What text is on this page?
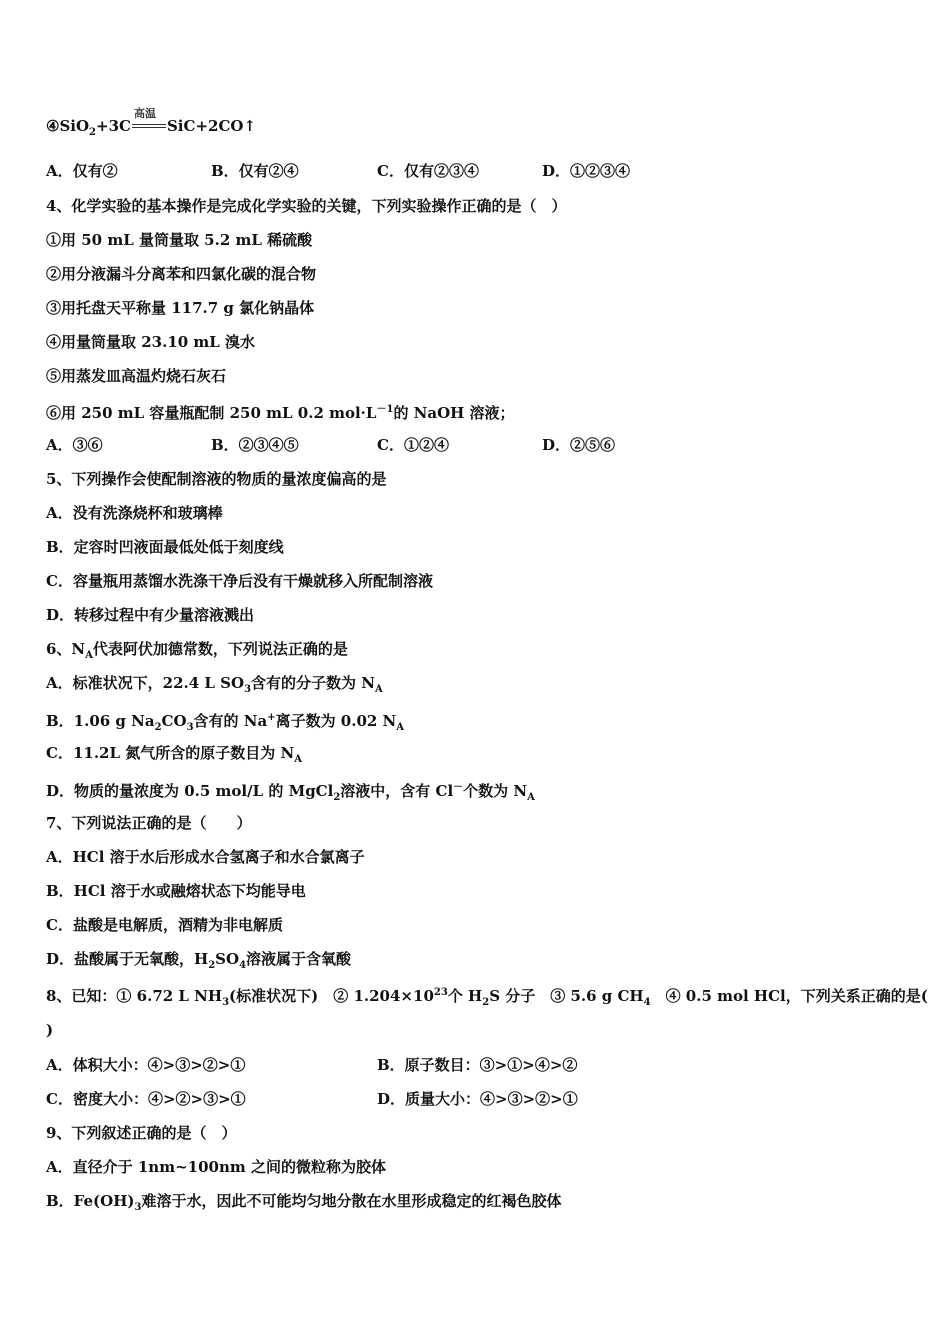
④SiO$_2$+3C
高温
SiC+2CO↑
A．仅有②	B．仅有②④	C．仅有②③④	D．①②③④
4、化学实验的基本操作是完成化学实验的关键，下列实验操作正确的是（　）
①用 50 mL 量筒量取 5.2 mL 稀硫酸
②用分液漏斗分离苯和四氯化碳的混合物
③用托盘天平称量 117.7 g 氯化钠晶体
④用量筒量取 23.10 mL 溴水
⑤用蒸发皿高温灼烧石灰石
⑥用 250 mL 容量瓶配制 250 mL 0.2 $mol\cdot L^{-1}$的 NaOH 溶液；
A．③⑥	B．②③④⑤	C．①②④	D．②⑤⑥
5、下列操作会使配制溶液的物质的量浓度偏高的是
A．没有洗涤烧杯和玻璃棒
B．定容时凹液面最低处低于刻度线
C．容量瓶用蒸馏水洗涤干净后没有干燥就移入所配制溶液
D．转移过程中有少量溶液溅出
6、$N_A$代表阿伏加德常数，下列说法正确的是
A．标准状况下，22.4 L $SO_3$含有的分子数为 $N_A$
B．1.06 g $Na_2CO_3$含有的 Na+离子数为 0.02 $N_A$
C．11.2L 氮气所含的原子数目为 $N_A$
D．物质的量浓度为 0.5 mol/L 的 MgCl$_2$溶液中，含有 Cl－个数为 $N_A$
7、下列说法正确的是（　　）
A．HCl 溶于水后形成水合氢离子和水合氯离子
B．HCl 溶于水或融熔状态下均能导电
C．盐酸是电解质，酒精为非电解质
D．盐酸属于无氧酸，$H_2SO_4$溶液属于含氧酸
8、已知：① 6.72 L $NH_3$(标准状况下)　② $1.204\times 10^{23}$个 $H_2S$ 分子　③ 5.6 g $CH_4$　④ 0.5 mol HCl，下列关系正确的是(
)
A．体积大小：④>③>②>①	B．原子数目：③>①>④>②
C．密度大小：④>②>③>①	D．质量大小：④>③>②>①
9、下列叙述正确的是（　）
A．直径介于 1nm~100nm 之间的微粒称为胶体
B．$Fe(OH)_3$难溶于水，因此不可能均匀地分散在水里形成稳定的红褐色胶体
